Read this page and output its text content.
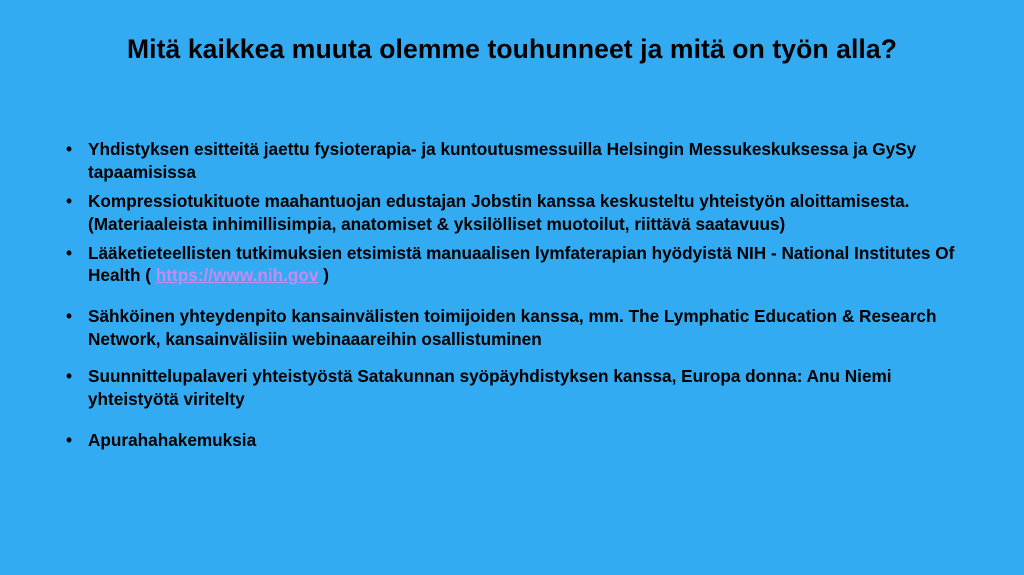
Mitä kaikkea muuta olemme touhunneet ja mitä on työn alla?
• Yhdistyksen esitteitä jaettu fysioterapia- ja kuntoutusmessuilla Helsingin Messukeskuksessa ja GySy tapaamisissa
• Kompressiotukituote maahantuojan edustajan Jobstin kanssa keskusteltu yhteistyön aloittamisesta. (Materiaaleista inhimillisimpia, anatomiset & yksilölliset muotoilut, riittävä saatavuus)
• Lääketieteellisten tutkimuksien etsimistä manuaalisen lymfaterapian hyödyistä NIH - National Institutes Of Health ( https://www.nih.gov )
• Sähköinen yhteydenpito kansainvälisten toimijoiden kanssa, mm. The Lymphatic Education & Research Network, kansainvälisiin webinaaareihin osallistuminen
• Suunnittelupalaveri yhteistyöstä Satakunnan syöpäyhdistyksen kanssa, Europa donna: Anu Niemi yhteistyötä viritelty
• Apurahahakemuksia
